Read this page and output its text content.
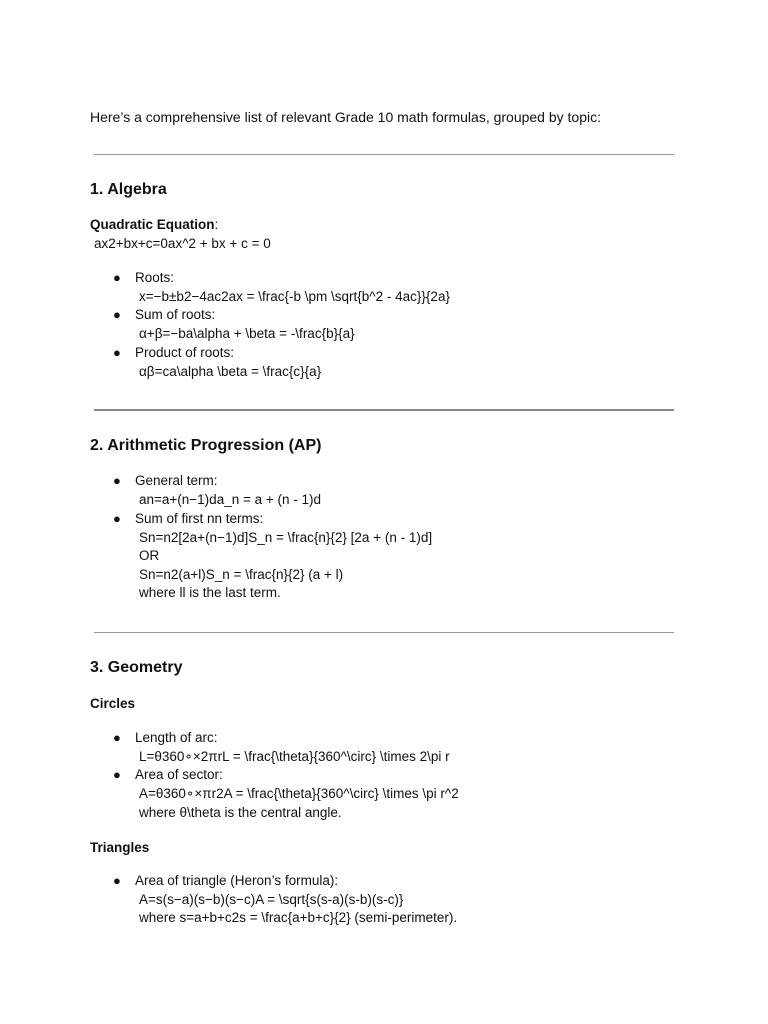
Here’s a comprehensive list of relevant Grade 10 math formulas, grouped by topic:
1. Algebra
Quadratic Equation:
ax2+bx+c=0ax^2 + bx + c = 0
● Roots:
x=−b±b2−4ac2ax = \frac{-b \pm \sqrt{b^2 - 4ac}}{2a}
● Sum of roots:
α+β=−ba\alpha + \beta = -\frac{b}{a}
● Product of roots:
αβ=ca\alpha \beta = \frac{c}{a}
2. Arithmetic Progression (AP)
● General term:
an=a+(n−1)da_n = a + (n - 1)d
● Sum of first nn terms:
Sn=n2[2a+(n−1)d]S_n = \frac{n}{2} [2a + (n - 1)d]
OR
Sn=n2(a+l)S_n = \frac{n}{2} (a + l)
where ll is the last term.
3. Geometry
Circles
● Length of arc:
L=θ360∘×2πrL = \frac{\theta}{360^\circ} \times 2\pi r
● Area of sector:
A=θ360∘×πr2A = \frac{\theta}{360^\circ} \times \pi r^2
where θ\theta is the central angle.
Triangles
● Area of triangle (Heron’s formula):
A=s(s−a)(s−b)(s−c)A = \sqrt{s(s-a)(s-b)(s-c)}
where s=a+b+c2s = \frac{a+b+c}{2} (semi-perimeter).
